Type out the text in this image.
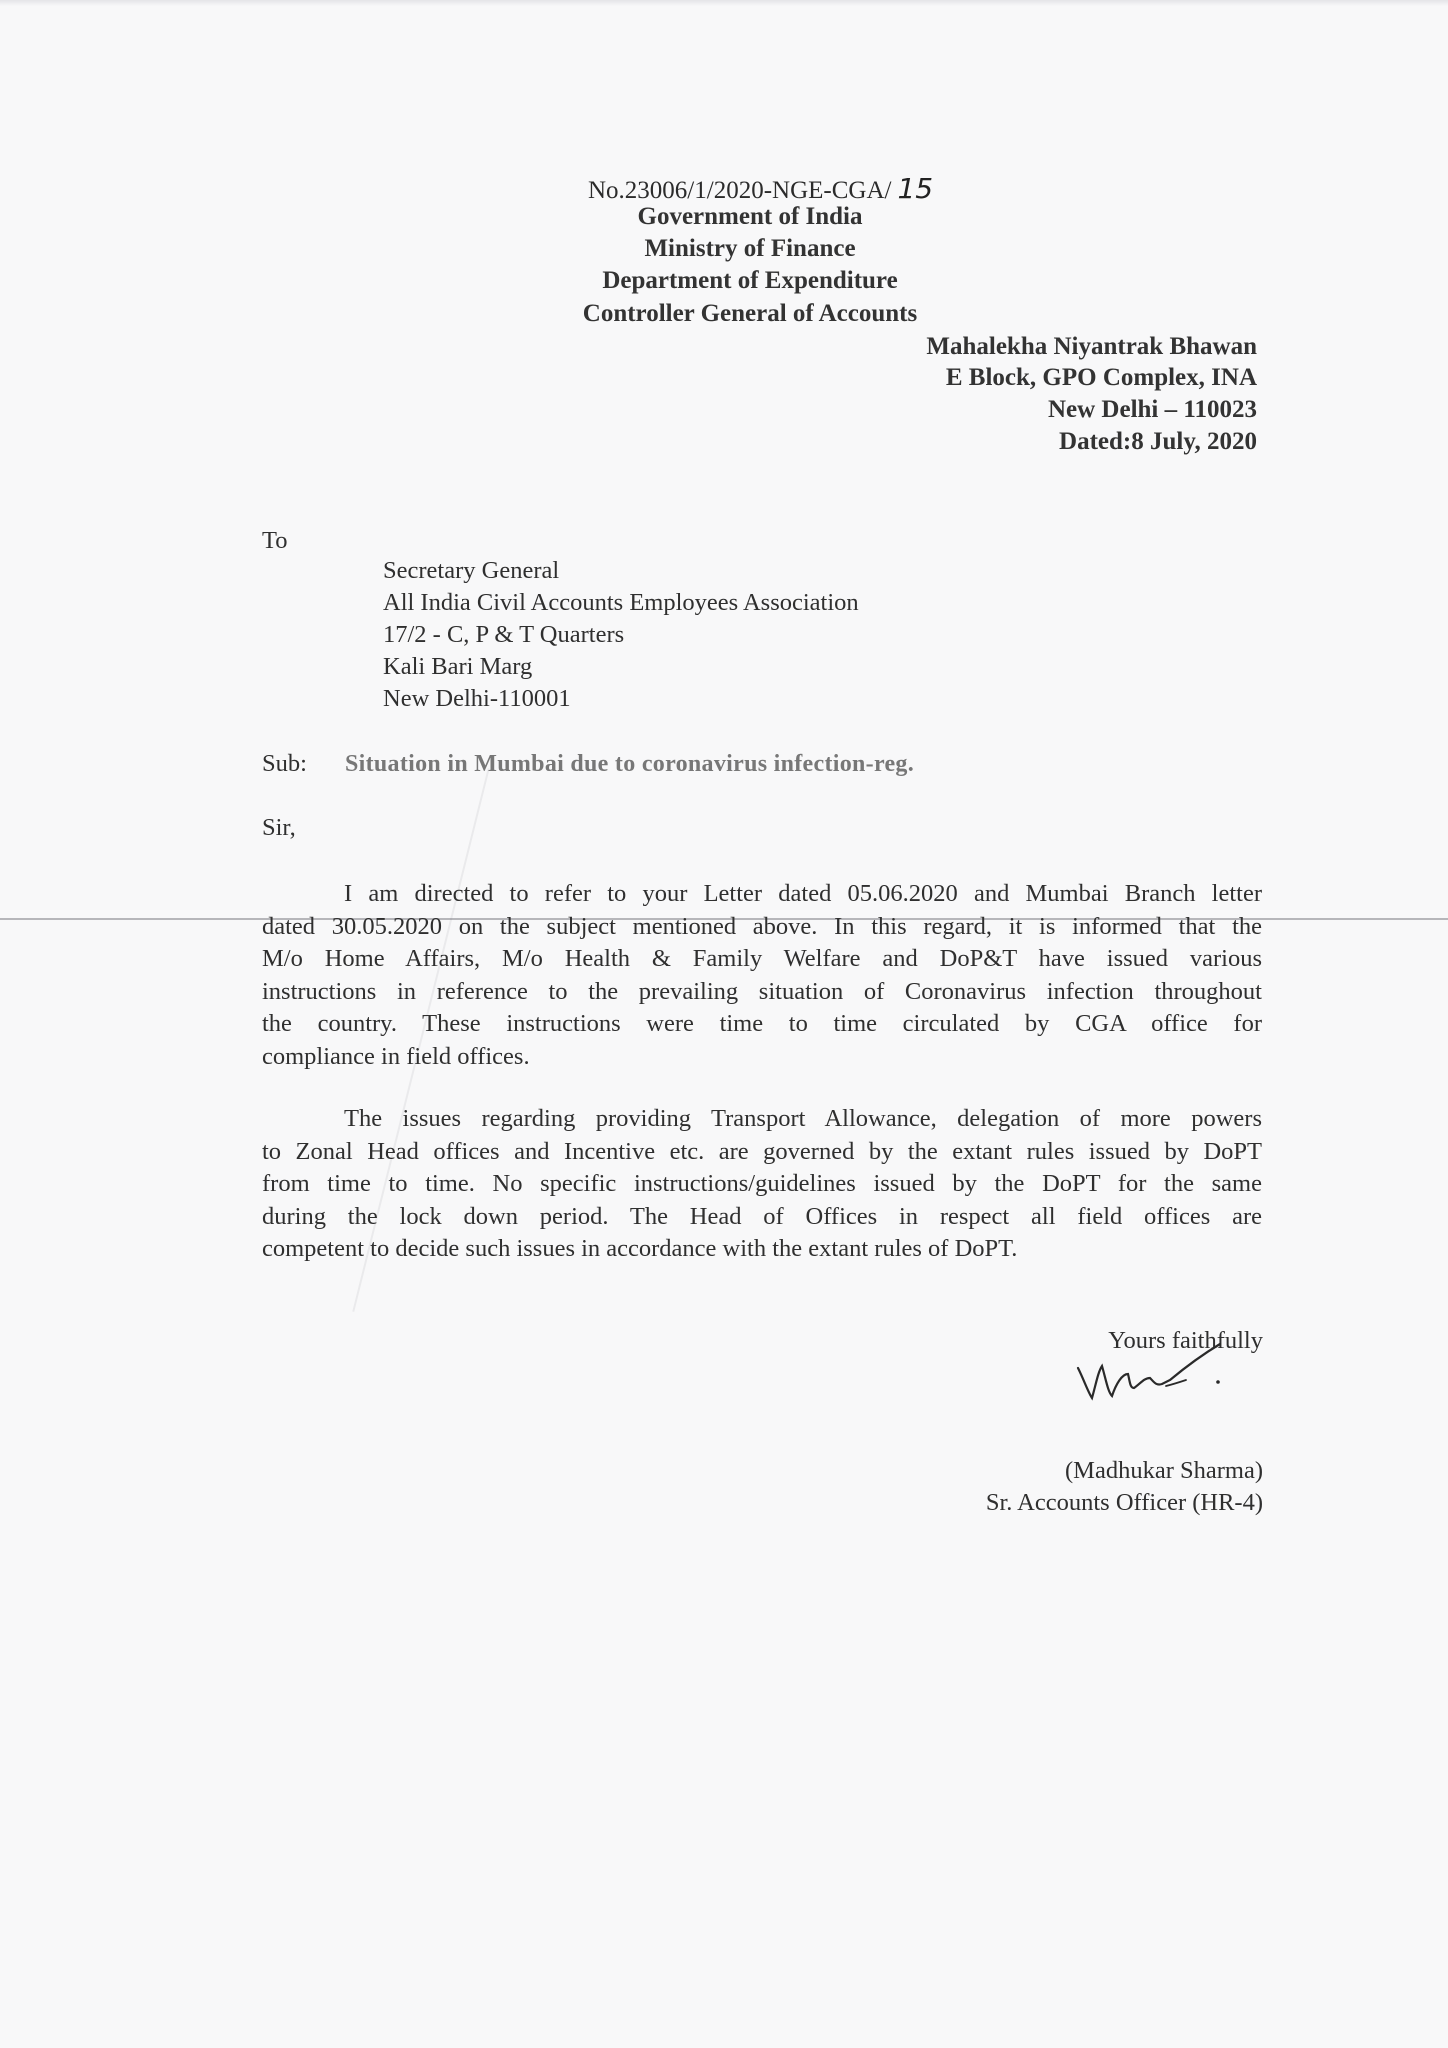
No.23006/1/2020-NGE-CGA/ 15
Government of India
Ministry of Finance
Department of Expenditure
Controller General of Accounts
Mahalekha Niyantrak Bhawan
E Block, GPO Complex, INA
New Delhi – 110023
Dated:8 July, 2020
To
Secretary General
All India Civil Accounts Employees Association
17/2 - C, P & T Quarters
Kali Bari Marg
New Delhi-110001
Sub: Situation in Mumbai due to coronavirus infection-reg.
Sir,
I am directed to refer to your Letter dated 05.06.2020 and Mumbai Branch letter
dated 30.05.2020 on the subject mentioned above. In this regard, it is informed that the
M/o Home Affairs, M/o Health & Family Welfare and DoP&T have issued various
instructions in reference to the prevailing situation of Coronavirus infection throughout
the country. These instructions were time to time circulated by CGA office for
compliance in field offices.
The issues regarding providing Transport Allowance, delegation of more powers
to Zonal Head offices and Incentive etc. are governed by the extant rules issued by DoPT
from time to time. No specific instructions/guidelines issued by the DoPT for the same
during the lock down period. The Head of Offices in respect all field offices are
competent to decide such issues in accordance with the extant rules of DoPT.
Yours faithfully
(Madhukar Sharma)
Sr. Accounts Officer (HR-4)
